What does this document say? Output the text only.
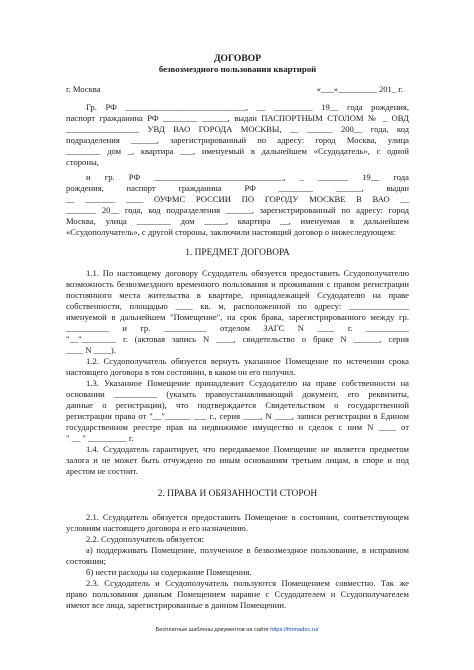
ДОГОВОР
безвозмездного пользования квартирой
г. Москва	«___»_________ 201_ г.
Гр. РФ ____________________________, __ _________ 19__ года рождения,
паспорт гражданина РФ ________ ______, выдан ПАСПОРТНЫМ СТОЛОМ № _ ОВД
_________________ УВД ВАО ГОРОДА МОСКВЫ, __ ______ 200__ года, код
подразделения ______, зарегистрированный по адресу: город Москва, улица
________ дом _, квартира ___, именуемый в дальнейшем «Ссудодатель», с одной
стороны,
и гр. РФ ______________________________, _ _______ 19__ года
рождения, паспорт гражданина РФ ________ ______, выдан
__ _______ ____ ОУФМС РОССИИ ПО ГОРОДУ МОСКВЕ В ВАО __
_______ 20__ года, код подразделения ______, зарегистрированный по адресу: город
Москва, улица ________ дом _____, квартира __, именуемая в дальнейшем
«Ссудополучатель», с другой стороны, заключили настоящий договор о нижеследующем:
1. ПРЕДМЕТ ДОГОВОРА
1.1. По настоящему договору Ссудодатель обязуется предоставить Ссудополучателю
возможность безвозмездного временного пользования и проживания с правом регистрации
постоянного места жительства в квартире, принадлежащей Ссудодателю на праве
собственности, площадью ____ кв. м, расположенной по адресу: ______________
именуемой в дальнейшем "Помещение", на срок брака, зарегистрированного между гр.
__________ и гр. __________ отделом ЗАГС N ____ г. __________
"__"________ г. (актовая запись N ____, свидетельство о браке N ______, серия
____ N ____).
1.2. Ссудополучатель обязуется вернуть указанное Помещение по истечении срока
настоящего договора в том состоянии, в каком он его получил.
1.3. Указанное Помещение принадлежит Ссудодателю на праве собственности на
основании __________ (указать правоустанавливающий документ, его реквизиты,
данные о регистрации), что подтверждается Свидетельством о государственной
регистрации права от "__"______ ___ г., серия ____, N ____, записи регистрации в Едином
государственном реестре прав на недвижимое имущество и сделок с ним N ____ от
" __ " _________ г.
1.4. Ссудодатель гарантирует, что передаваемое Помещение не является предметом
залога и не может быть отчуждено по иным основаниям третьим лицам, в споре и под
арестом не состоит.
2. ПРАВА И ОБЯЗАННОСТИ СТОРОН
2.1. Ссудодатель обязуется предоставить Помещение в состоянии, соответствующем
условиям настоящего договора и его назначению.
2.2. Ссудополучатель обязуется:
а) поддерживать Помещение, полученное в безвозмездное пользование, в исправном
состоянии;
б) нести расходы на содержание Помещения.
2.3. Ссудодатель и Ссудополучатель пользуются Помещением совместно. Так же
право пользования данным Помещением наравне с Ссудодателем и Ссудополучателем
имеют все лица, зарегистрированные в данном Помещении.
Бесплатные шаблоны документов на сайте https://formadoc.ru/
